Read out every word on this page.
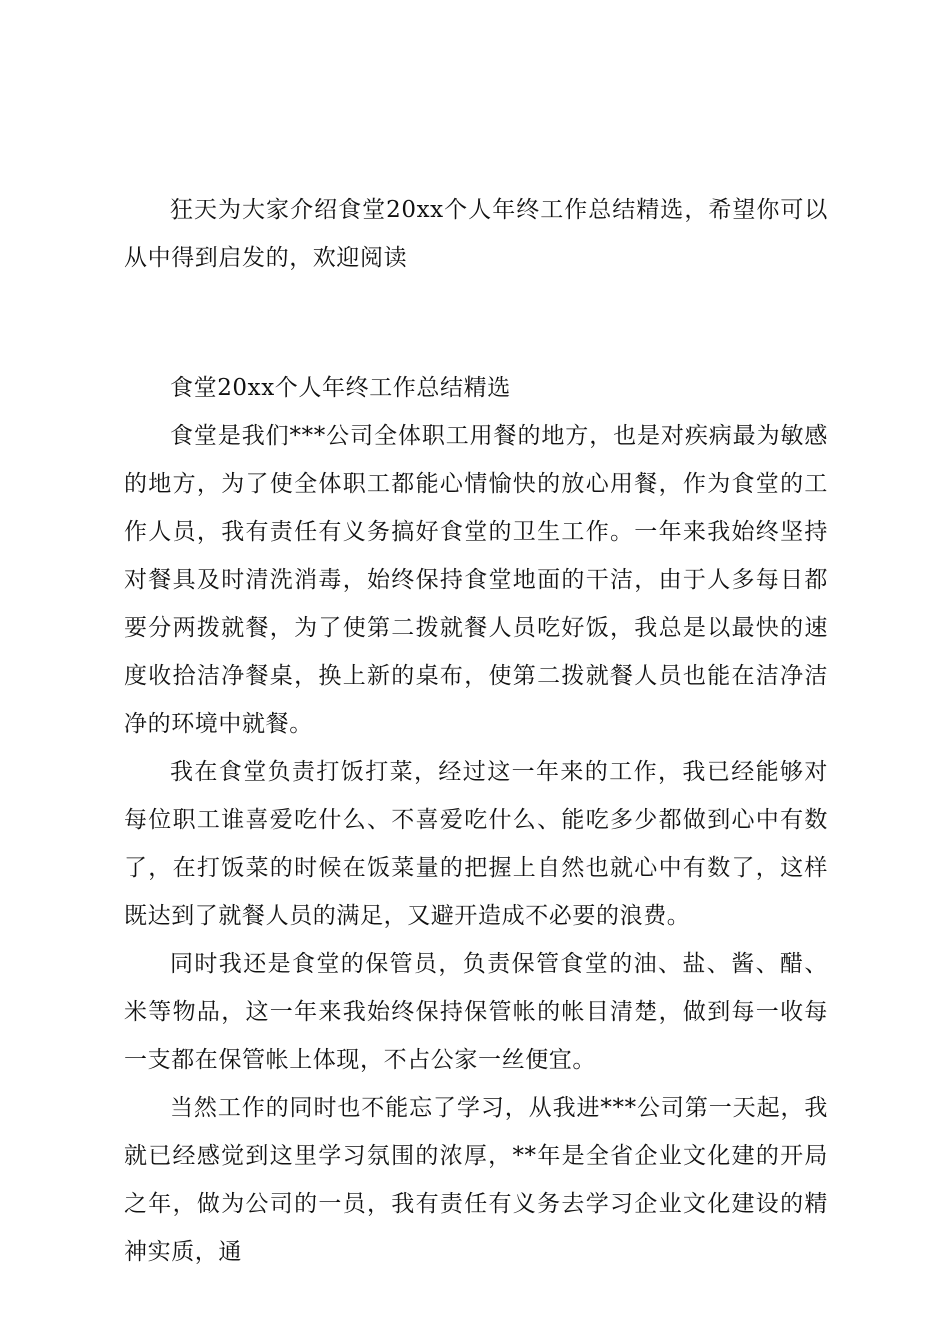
狂天为大家介绍食堂20xx个人年终工作总结精选，希望你可以从中得到启发的，欢迎阅读

食堂20xx个人年终工作总结精选

食堂是我们***公司全体职工用餐的地方，也是对疾病最为敏感的地方，为了使全体职工都能心情愉快的放心用餐，作为食堂的工作人员，我有责任有义务搞好食堂的卫生工作。一年来我始终坚持对餐具及时清洗消毒，始终保持食堂地面的干洁，由于人多每日都要分两拨就餐，为了使第二拨就餐人员吃好饭，我总是以最快的速度收拾洁净餐桌，换上新的桌布，使第二拨就餐人员也能在洁净洁净的环境中就餐。

我在食堂负责打饭打菜，经过这一年来的工作，我已经能够对每位职工谁喜爱吃什么、不喜爱吃什么、能吃多少都做到心中有数了，在打饭菜的时候在饭菜量的把握上自然也就心中有数了，这样既达到了就餐人员的满足，又避开造成不必要的浪费。

同时我还是食堂的保管员，负责保管食堂的油、盐、酱、醋、米等物品，这一年来我始终保持保管帐的帐目清楚，做到每一收每一支都在保管帐上体现，不占公家一丝便宜。

当然工作的同时也不能忘了学习，从我进***公司第一天起，我就已经感觉到这里学习氛围的浓厚，**年是全省企业文化建的开局之年，做为公司的一员，我有责任有义务去学习企业文化建设的精神实质，通
